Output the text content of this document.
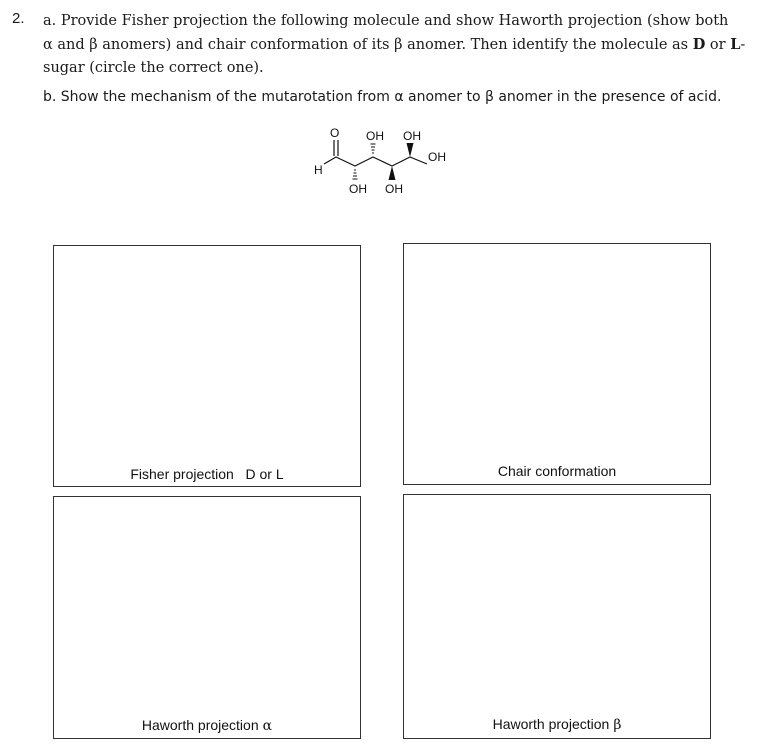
2. a. Provide Fisher projection the following molecule and show Haworth projection (show both
α and β anomers) and chair conformation of its β anomer. Then identify the molecule as D or L-
sugar (circle the correct one).
b. Show the mechanism of the mutarotation from α anomer to β anomer in the presence of acid.
O
H
OH OH
OH OH
OH
Fisher projection D or L	Chair conformation
Haworth projection α	Haworth projection β
